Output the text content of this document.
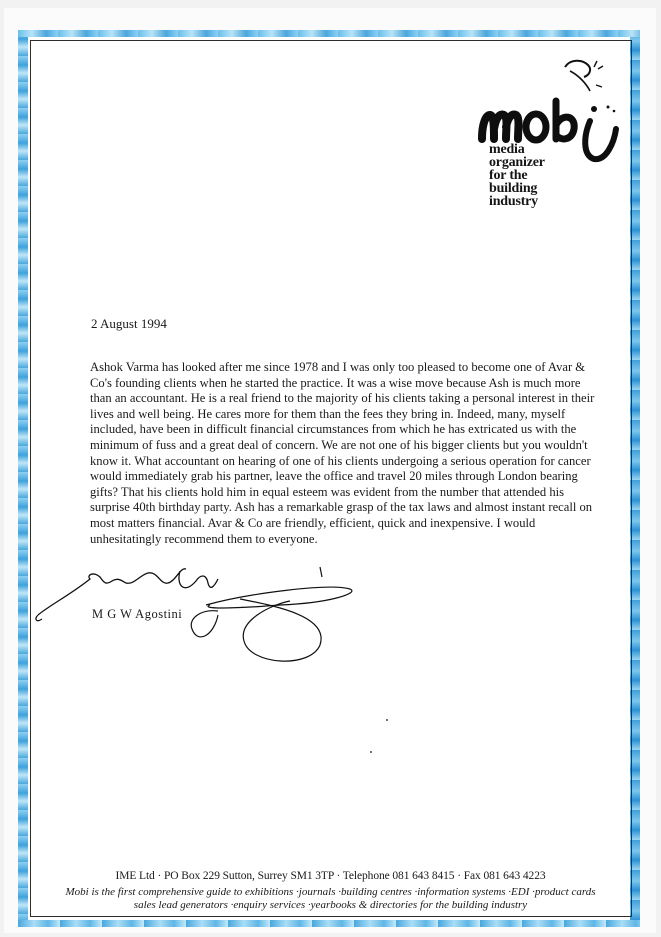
media
organizer
for the
building
industry
2 August 1994
Ashok Varma has looked after me since 1978 and I was only too pleased to become one of Avar & Co's founding clients when he started the practice. It was a wise move because Ash is much more than an accountant. He is a real friend to the majority of his clients taking a personal interest in their lives and well being. He cares more for them than the fees they bring in. Indeed, many, myself included, have been in difficult financial circumstances from which he has extricated us with the minimum of fuss and a great deal of concern. We are not one of his bigger clients but you wouldn't know it. What accountant on hearing of one of his clients undergoing a serious operation for cancer would immediately grab his partner, leave the office and travel 20 miles through London bearing gifts? That his clients hold him in equal esteem was evident from the number that attended his surprise 40th birthday party. Ash has a remarkable grasp of the tax laws and almost instant recall on most matters financial. Avar & Co are friendly, efficient, quick and inexpensive. I would unhesitatingly recommend them to everyone.
M G W Agostini
IME Ltd · PO Box 229 Sutton, Surrey SM1 3TP · Telephone 081 643 8415 · Fax 081 643 4223
Mobi is the first comprehensive guide to exhibitions ·journals ·building centres ·information systems ·EDI ·product cards
sales lead generators ·enquiry services ·yearbooks & directories for the building industry
